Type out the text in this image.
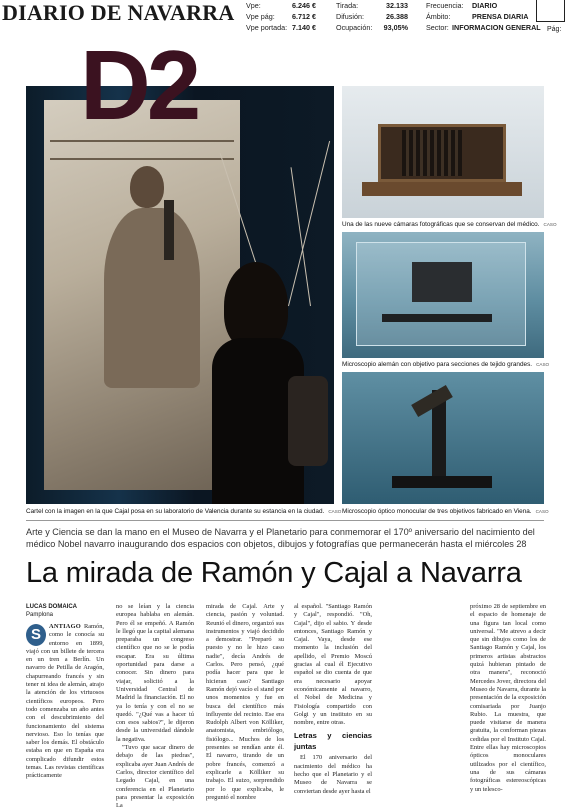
DIARIO DE NAVARRA	Vpe:	6.246 €
Vpe pág:	6.712 €
Vpe portada: 7.140 €
Tirada:	32.133
Difusión:	26.388
Ocupación:	93,05%
Frecuencia:	DIARIO
Ámbito:	PRENSA DIARIA
Sector: INFORMACION GENERAL Pág:
D2
Cartel con la imagen en la que Cajal posa en su laboratorio de Valencia durante su estancia en la ciudad. CASO
Una de las nueve cámaras fotográficas que se conservan del médico. CASO
Microscopio alemán con objetivo para secciones de tejido grandes. CASO
Microscopio óptico monocular de tres objetivos fabricado en Viena. CASO
Arte y Ciencia se dan la mano en el Museo de Navarra y el Planetario para conmemorar el 170º aniversario del nacimiento del médico Nobel navarro inaugurando dos espacios con objetos, dibujos y fotografías que permanecerán hasta el miércoles 28
La mirada de Ramón y Cajal a Navarra
LUCAS DOMAICA
Pamplona
S	ANTIAGO Ramón, como le conocía su entorno en 1899, viajó con un billete de tercera en un tren a Berlín. Un navarro de Petilla de Aragón, chapurreando francés y sin tener ni idea de alemán, atrajo la atención de los virtuosos científicos europeos. Pero todo comenzaba un año antes con el descubrimiento del funcionamiento del sistema nervioso. Eso lo tenías que saber los demás. El obstáculo estaba en que en España era complicado difundir estos temas. Las revistas científicas prácticamente

no se leían y la ciencia europea hablaba en alemán. Pero él se empeñó. A Ramón le llegó que la capital alemana preparaba un congreso científico que no se le podía escapar. Era su última oportunidad para darse a conocer. Sin dinero para viajar, solicitó a la Universidad Central de Madrid la financiación. El no ya lo tenía y con el no se quedó. "¿Qué vas a hacer tú con esos sabios?", le dijeron desde la universidad dándole la negativa.

"Tuvo que sacar dinero de debajo de las piedras", explicaba ayer Juan Andrés de Carlos, director científico del Legado Cajal, en una conferencia en el Planetario para presentar la exposición La

mirada de Cajal. Arte y ciencia, pasión y voluntad. Reunió el dinero, organizó sus instrumentos y viajó decidido a demostrar. "Preparó su puesto y no le hizo caso nadie", decía Andrés de Carlos. Pero pensó, ¿qué podía hacer para que le hicieran caso? Santiago Ramón dejó vacío el stand por unos momentos y fue en busca del científico más influyente del recinto. Ese era Rudolph Albert von Kölliker, anatomista, embriólogo, fisiólogo... Muchos de los presentes se rendían ante él. El navarro, tirando de un pobre francés, comenzó a explicarle a Kölliker su trabajo. El suizo, sorprendido por lo que explicaba, le preguntó el nombre

al español. "Santiago Ramón y Cajal", respondió. "Oh, Cajal", dijo el sabio. Y desde entonces, Santiago Ramón y Cajal. Vaya, desde ese momento la inclusión del apellido, el Premio Moscú gracias al cual él Ejecutivo español se dio cuenta de que era necesario apoyar económicamente al navarro, el Nobel de Medicina y Fisiología compartido con Golgi y un instituto en su nombre, entre otras.

Letras y ciencias juntas

El 170 aniversario del nacimiento del médico ha hecho que el Planetario y el Museo de Navarra se conviertan desde ayer hasta el

próximo 28 de septiembre en el espacio de homenaje de una figura tan local como universal. "Me atrevo a decir que sin dibujos como los de Santiago Ramón y Cajal, los primeros artistas abstractos quizá hubieran pintado de otra manera", reconoció Mercedes Jover, directora del Museo de Navarra, durante la presentación de la exposición comisariada por Juanjo Rubio. La muestra, que puede visitarse de manera gratuita, la conforman piezas cedidas por el Instituto Cajal. Entre ellas hay microscopios ópticos monoculares utilizados por el científico, una de sus cámaras fotográficas estereoscópicas y un telesco-
